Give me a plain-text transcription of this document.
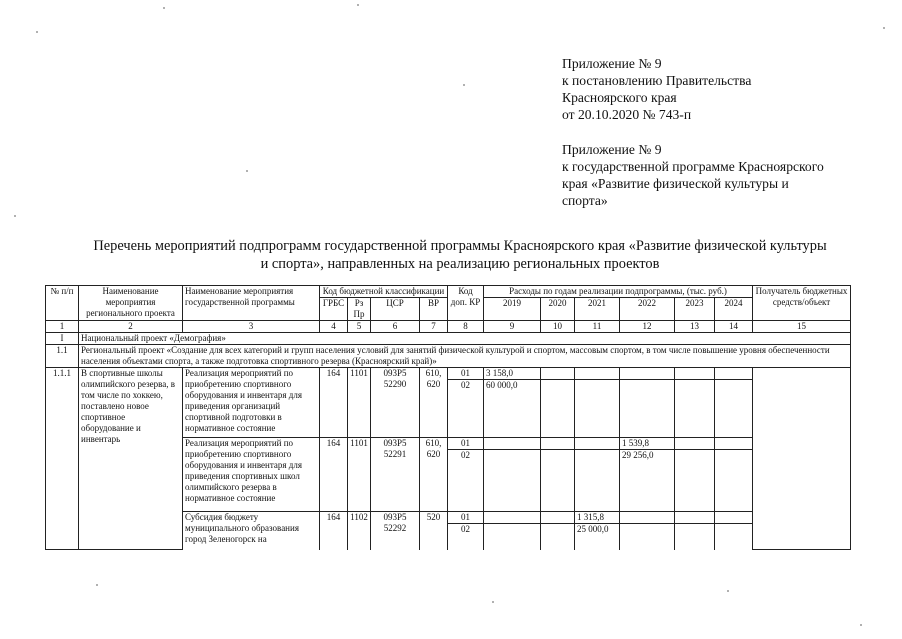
Приложение № 9
к постановлению Правительства
Красноярского края
от 20.10.2020 № 743-п
Приложение № 9
к государственной программе Красноярского
края «Развитие физической культуры и
спорта»
Перечень мероприятий подпрограмм государственной программы Красноярского края «Развитие физической культуры
и спорта», направленных на реализацию региональных проектов
№ п/п	Наименование мероприятия регионального проекта	Наименование мероприятия государственной программы	Код бюджетной классификации				Код доп. КР	Расходы по годам реализации подпрограммы, (тыс. руб.)						Получатель бюджетных средств/объект
			ГРБС	Рз Пр	ЦСР	ВР		2019	2020	2021	2022	2023	2024	
1	2	3	4	5	6	7	8	9	10	11	12	13	14	15
I	Национальный проект «Демография»													
1.1	Региональный проект «Создание для всех категорий и групп населения условий для занятий физической культурой и спортом, массовым спортом, в том числе повышение уровня обеспеченности населения объектами спорта, а также подготовка спортивного резерва (Красноярский край)»													
1.1.1	В спортивные школы олимпийского резерва, в том числе по хоккею, поставлено новое спортивное оборудование и инвентарь	Реализация мероприятий по приобретению спортивного оборудования и инвентаря для приведения организаций спортивной подготовки в нормативное состояние	164	1101	093Р5 52290	610, 620	01	3 158,0						
							02	60 000,0						
		Реализация мероприятий по приобретению спортивного оборудования и инвентаря для приведения спортивных школ олимпийского резерва в нормативное состояние	164	1101	093Р5 52291	610, 620	01				1 539,8			
							02				29 256,0			
		Субсидия бюджету муниципального образования город Зеленогорск на	164	1102	093Р5 52292	520	01			1 315,8				
							02			25 000,0				
